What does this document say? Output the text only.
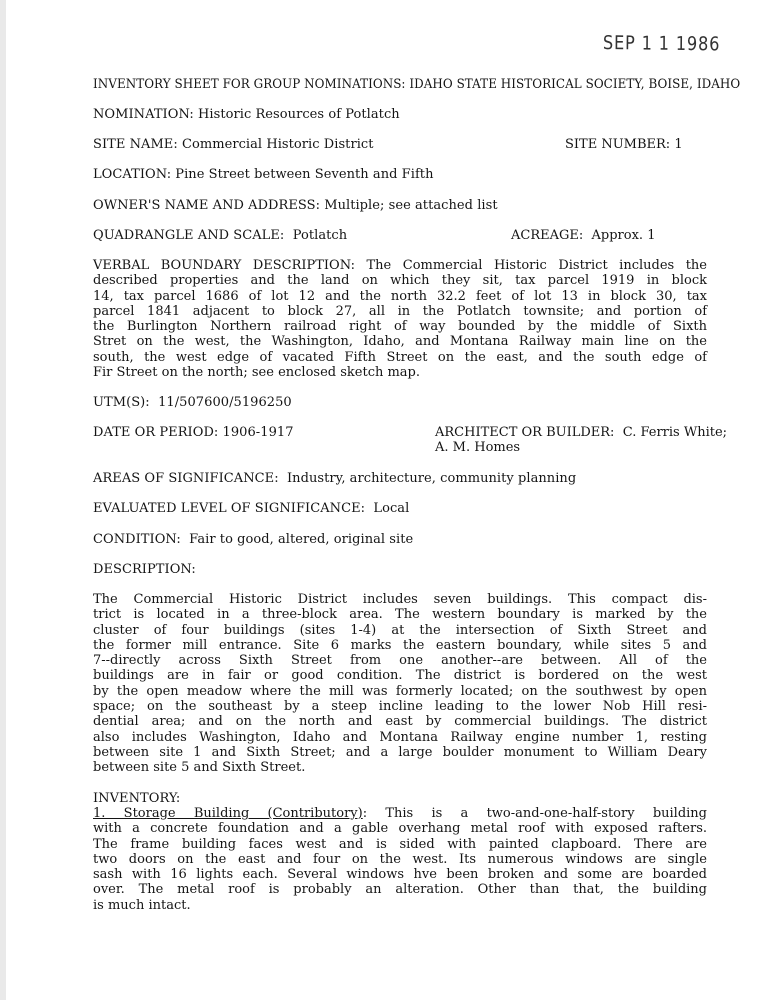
SEP 1 1 1986
INVENTORY SHEET FOR GROUP NOMINATIONS: IDAHO STATE HISTORICAL SOCIETY, BOISE, IDAHO
NOMINATION: Historic Resources of Potlatch
SITE NAME: Commercial Historic District	SITE NUMBER: 1
LOCATION: Pine Street between Seventh and Fifth
OWNER'S NAME AND ADDRESS: Multiple; see attached list
QUADRANGLE AND SCALE:  Potlatch	ACREAGE:  Approx. 1
VERBAL BOUNDARY DESCRIPTION: The Commercial Historic District includes the
described properties and the land on which they sit, tax parcel 1919 in block
14, tax parcel 1686 of lot 12 and the north 32.2 feet of lot 13 in block 30, tax
parcel 1841 adjacent to block 27, all in the Potlatch townsite; and portion of
the Burlington Northern railroad right of way bounded by the middle of Sixth
Stret on the west, the Washington, Idaho, and Montana Railway main line on the
south, the west edge of vacated Fifth Street on the east, and the south edge of
Fir Street on the north; see enclosed sketch map.
UTM(S):  11/507600/5196250
DATE OR PERIOD: 1906-1917	ARCHITECT OR BUILDER:  C. Ferris White;
A. M. Homes
AREAS OF SIGNIFICANCE:  Industry, architecture, community planning
EVALUATED LEVEL OF SIGNIFICANCE:  Local
CONDITION:  Fair to good, altered, original site
DESCRIPTION:
The Commercial Historic District includes seven buildings. This compact dis-
trict is located in a three-block area. The western boundary is marked by the
cluster of four buildings (sites 1-4) at the intersection of Sixth Street and
the former mill entrance. Site 6 marks the eastern boundary, while sites 5 and
7--directly across Sixth Street from one another--are between. All of the
buildings are in fair or good condition. The district is bordered on the west
by the open meadow where the mill was formerly located; on the southwest by open
space; on the southeast by a steep incline leading to the lower Nob Hill resi-
dential area; and on the north and east by commercial buildings. The district
also includes Washington, Idaho and Montana Railway engine number 1, resting
between site 1 and Sixth Street; and a large boulder monument to William Deary
between site 5 and Sixth Street.
INVENTORY:
1. Storage Building (Contributory): This is a two-and-one-half-story building
with a concrete foundation and a gable overhang metal roof with exposed rafters.
The frame building faces west and is sided with painted clapboard. There are
two doors on the east and four on the west. Its numerous windows are single
sash with 16 lights each. Several windows hve been broken and some are boarded
over. The metal roof is probably an alteration. Other than that, the building
is much intact.
